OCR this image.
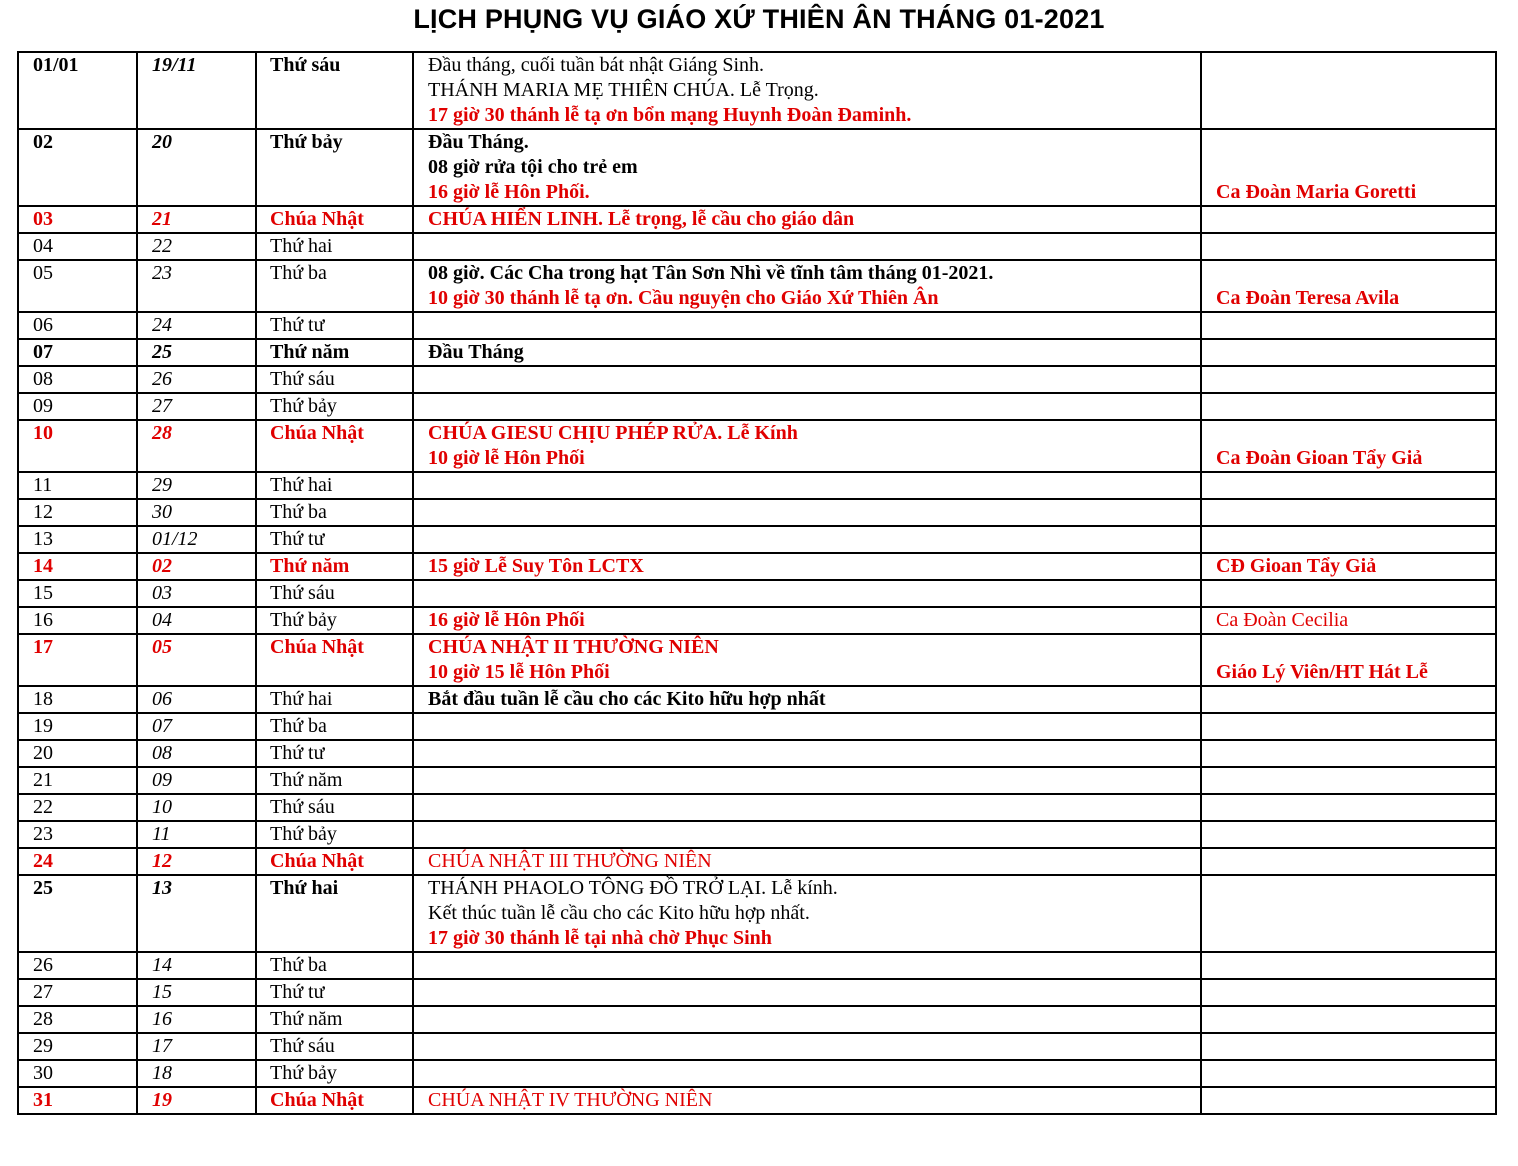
LỊCH PHỤNG VỤ GIÁO XỨ THIÊN ÂN THÁNG 01-2021
01/01	19/11	Thứ sáu	Đầu tháng, cuối tuần bát nhật Giáng Sinh.
THÁNH MARIA MẸ THIÊN CHÚA. Lễ Trọng.
17 giờ 30 thánh lễ tạ ơn bổn mạng Huynh Đoàn Đaminh.	

02	20	Thứ bảy	Đầu Tháng.
08 giờ rửa tội cho trẻ em
16 giờ lễ Hôn Phối.	Ca Đoàn Maria Goretti
03	21	Chúa Nhật	CHÚA HIỂN LINH. Lễ trọng, lễ cầu cho giáo dân	

04	22	Thứ hai		
05	23	Thứ ba	08 giờ. Các Cha trong hạt Tân Sơn Nhì về tĩnh tâm tháng 01-2021.
10 giờ 30 thánh lễ tạ ơn. Cầu nguyện cho Giáo Xứ Thiên Ân	Ca Đoàn Teresa Avila
06	24	Thứ tư		
07	25	Thứ năm	Đầu Tháng	

08	26	Thứ sáu		
09	27	Thứ bảy		
10	28	Chúa Nhật	CHÚA GIESU CHỊU PHÉP RỬA. Lễ Kính
10 giờ lễ Hôn Phối	Ca Đoàn Gioan Tẩy Giả
11	29	Thứ hai		
12	30	Thứ ba		
13	01/12	Thứ tư		
14	02	Thứ năm	15 giờ Lễ Suy Tôn LCTX	CĐ Gioan Tẩy Giả
15	03	Thứ sáu		
16	04	Thứ bảy	16 giờ lễ Hôn Phối	Ca Đoàn Cecilia
17	05	Chúa Nhật	CHÚA NHẬT II THƯỜNG NIÊN
10 giờ 15 lễ Hôn Phối	Giáo Lý Viên/HT Hát Lễ
18	06	Thứ hai	Bắt đầu tuần lễ cầu cho các Kito hữu hợp nhất	

19	07	Thứ ba		
20	08	Thứ tư		
21	09	Thứ năm		
22	10	Thứ sáu		
23	11	Thứ bảy		
24	12	Chúa Nhật	CHÚA NHẬT III THƯỜNG NIÊN	

25	13	Thứ hai	THÁNH PHAOLO TÔNG ĐỒ TRỞ LẠI. Lễ kính.
Kết thúc tuần lễ cầu cho các Kito hữu hợp nhất.
17 giờ 30 thánh lễ tại nhà chờ Phục Sinh	

26	14	Thứ ba		
27	15	Thứ tư		
28	16	Thứ năm		
29	17	Thứ sáu		
30	18	Thứ bảy		
31	19	Chúa Nhật	CHÚA NHẬT IV THƯỜNG NIÊN	
